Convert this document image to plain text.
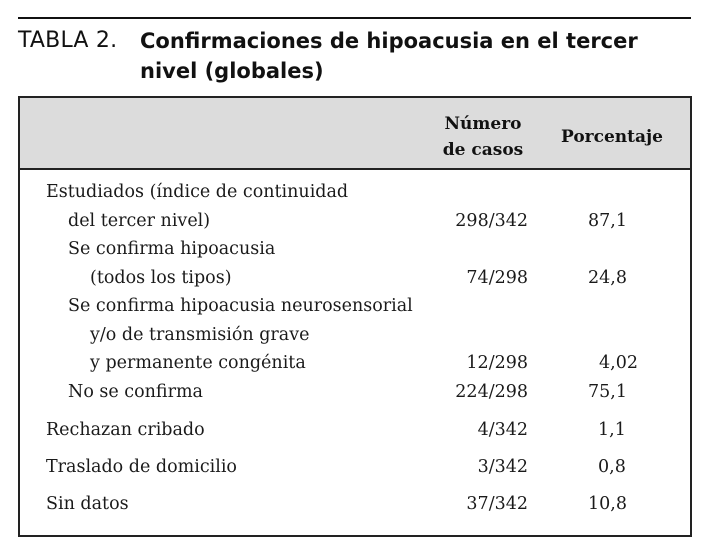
TABLA 2. Confirmaciones de hipoacusia en el tercer
nivel (globales)
Número
de casos
Porcentaje
Estudiados (índice de continuidad
del tercer nivel)	298/342	87,1
Se confirma hipoacusia
(todos los tipos)	74/298	24,8
Se confirma hipoacusia neurosensorial
y/o de transmisión grave
y permanente congénita	12/298	4,02
No se confirma	224/298	75,1
Rechazan cribado	4/342	1,1
Traslado de domicilio	3/342	0,8
Sin datos	37/342	10,8
